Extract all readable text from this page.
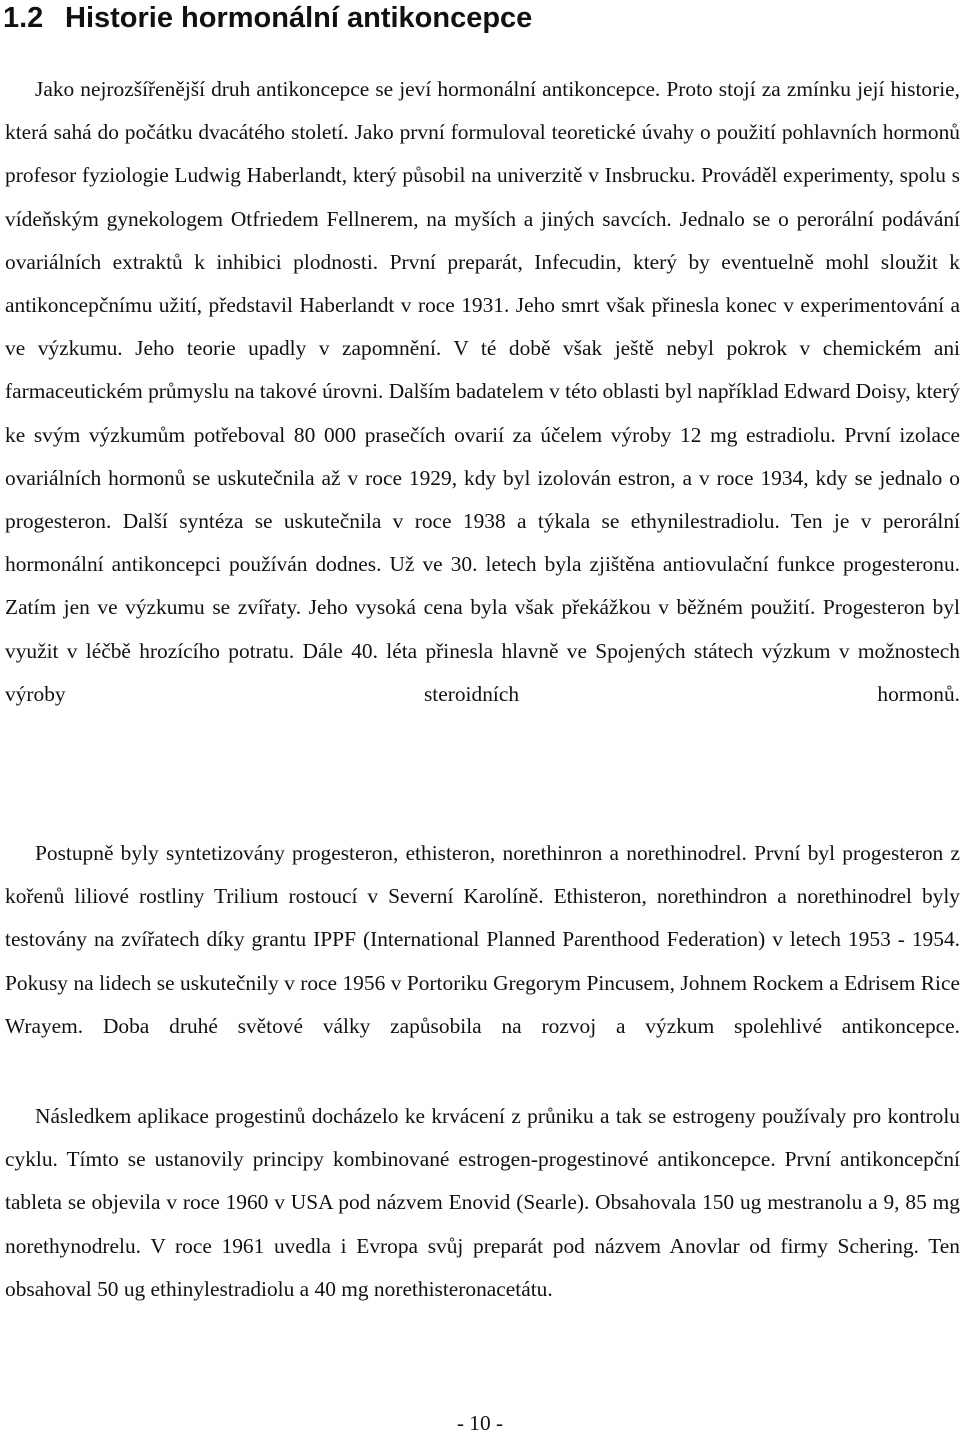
1.2 Historie hormonální antikoncepce

Jako nejrozšířenější druh antikoncepce se jeví hormonální antikoncepce. Proto stojí za zmínku její historie, která sahá do počátku dvacátého století. Jako první formuloval teoretické úvahy o použití pohlavních hormonů profesor fyziologie Ludwig Haberlandt, který působil na univerzitě v Insbrucku. Prováděl experimenty, spolu s vídeňským gynekologem Otfriedem Fellnerem, na myších a jiných savcích. Jednalo se o perorální podávání ovariálních extraktů k inhibici plodnosti. První preparát, Infecudin, který by eventuelně mohl sloužit k antikoncepčnímu užití, představil Haberlandt v roce 1931. Jeho smrt však přinesla konec v experimentování a ve výzkumu. Jeho teorie upadly v zapomnění. V té době však ještě nebyl pokrok v chemickém ani farmaceutickém průmyslu na takové úrovni. Dalším badatelem v této oblasti byl například Edward Doisy, který ke svým výzkumům potřeboval 80 000 prasečích ovarií za účelem výroby 12 mg estradiolu. První izolace ovariálních hormonů se uskutečnila až v roce 1929, kdy byl izolován estron, a v roce 1934, kdy se jednalo o progesteron. Další syntéza se uskutečnila v roce 1938 a týkala se ethynilestradiolu. Ten je v perorální hormonální antikoncepci používán dodnes. Už ve 30. letech byla zjištěna antiovulační funkce progesteronu. Zatím jen ve výzkumu se zvířaty. Jeho vysoká cena byla však překážkou v běžném použití. Progesteron byl využit v léčbě hrozícího potratu. Dále 40. léta přinesla hlavně ve Spojených státech výzkum v možnostech výroby steroidních hormonů.

Postupně byly syntetizovány progesteron, ethisteron, norethinron a norethinodrel. První byl progesteron z kořenů liliové rostliny Trilium rostoucí v Severní Karolíně. Ethisteron, norethindron a norethinodrel byly testovány na zvířatech díky grantu IPPF (International Planned Parenthood Federation) v letech 1953 - 1954. Pokusy na lidech se uskutečnily v roce 1956 v Portoriku Gregorym Pincusem, Johnem Rockem a Edrisem Rice Wrayem. Doba druhé světové války zapůsobila na rozvoj a výzkum spolehlivé antikoncepce.

Následkem aplikace progestinů docházelo ke krvácení z průniku a tak se estrogeny používaly pro kontrolu cyklu. Tímto se ustanovily principy kombinované estrogen-progestinové antikoncepce. První antikoncepční tableta se objevila v roce 1960 v USA pod názvem Enovid (Searle). Obsahovala 150 ug mestranolu a 9, 85 mg norethynodrelu. V roce 1961 uvedla i Evropa svůj preparát pod názvem Anovlar od firmy Schering. Ten obsahoval 50 ug ethinylestradiolu a 40 mg norethisteronacetátu.

- 10 -
